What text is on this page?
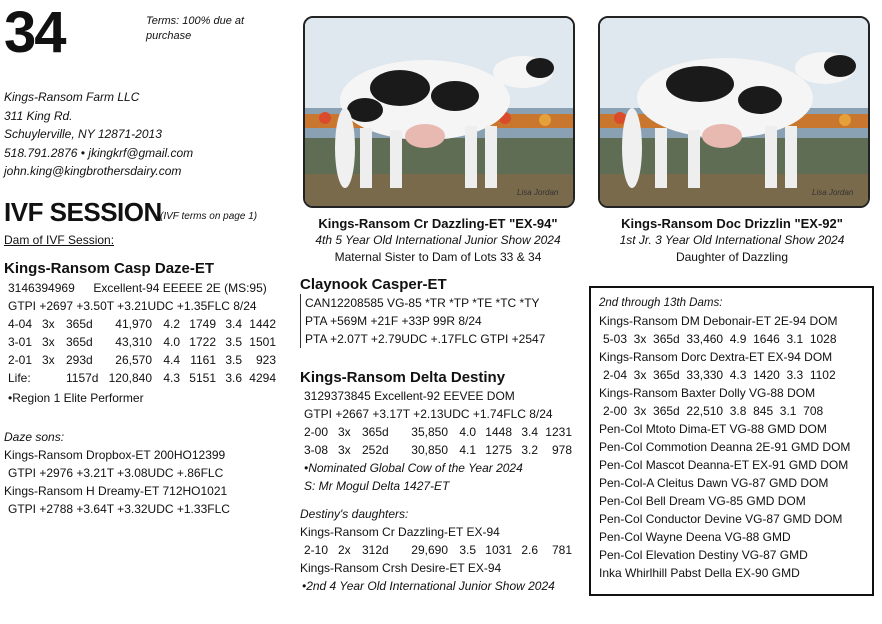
34	Terms: 100% due at purchase
Kings-Ransom Farm LLC
311 King Rd.
Schuylerville, NY 12871-2013
518.791.2876 • jkingkrf@gmail.com
john.king@kingbrothersdairy.com
IVF SESSION
(IVF terms on page 1)
Dam of IVF Session:
Kings-Ransom Casp Daze-ET
3146394969 Excellent-94 EEEEE 2E (MS:95)
GTPI +2697 +3.50T +3.21UDC +1.35FLC 8/24
4-04 3x 365d 41,970 4.2 1749 3.4 1442
3-01 3x 365d 43,310 4.0 1722 3.5 1501
2-01 3x 293d 26,570 4.4 1161 3.5 923
Life:	1157d 120,840 4.3 5151 3.6 4294
•Region 1 Elite Performer
Daze sons:
Kings-Ransom Dropbox-ET 200HO12399
GTPI +2976 +3.21T +3.08UDC +.86FLC
Kings-Ransom H Dreamy-ET 712HO1021
GTPI +2788 +3.64T +3.32UDC +1.33FLC
Lisa Jordan	Lisa Jordan
Kings-Ransom Cr Dazzling-ET "EX-94"
4th 5 Year Old International Junior Show 2024
Maternal Sister to Dam of Lots 33 & 34
Kings-Ransom Doc Drizzlin "EX-92"
1st Jr. 3 Year Old International Show 2024
Daughter of Dazzling
Claynook Casper-ET
CAN12208585 VG-85 *TR *TP *TE *TC *TY
PTA +569M +21F +33P 99R 8/24
PTA +2.07T +2.79UDC +.17FLC GTPI +2547
Kings-Ransom Delta Destiny
3129373845 Excellent-92 EEVEE DOM
GTPI +2667 +3.17T +2.13UDC +1.74FLC 8/24
2-00 3x 365d 35,850 4.0 1448 3.4 1231
3-08 3x 252d 30,850 4.1 1275 3.2 978
•Nominated Global Cow of the Year 2024
S: Mr Mogul Delta 1427-ET
Destiny's daughters:
Kings-Ransom Cr Dazzling-ET EX-94
2-10 2x 312d 29,690 3.5 1031 2.6 781
Kings-Ransom Crsh Desire-ET EX-94
•2nd 4 Year Old International Junior Show 2024
2nd through 13th Dams:
Kings-Ransom DM Debonair-ET 2E-94 DOM
5-03  3x  365d  33,460  4.9  1646  3.1  1028
Kings-Ransom Dorc Dextra-ET EX-94 DOM
2-04  3x  365d  33,330  4.3  1420  3.3  1102
Kings-Ransom Baxter Dolly VG-88 DOM
2-00  3x  365d  22,510  3.8  845  3.1  708
Pen-Col Mtoto Dima-ET VG-88 GMD DOM
Pen-Col Commotion Deanna 2E-91 GMD DOM
Pen-Col Mascot Deanna-ET EX-91 GMD DOM
Pen-Col-A Cleitus Dawn VG-87 GMD DOM
Pen-Col Bell Dream VG-85 GMD DOM
Pen-Col Conductor Devine VG-87 GMD DOM
Pen-Col Wayne Deena VG-88 GMD
Pen-Col Elevation Destiny VG-87 GMD
Inka Whirlhill Pabst Della EX-90 GMD
